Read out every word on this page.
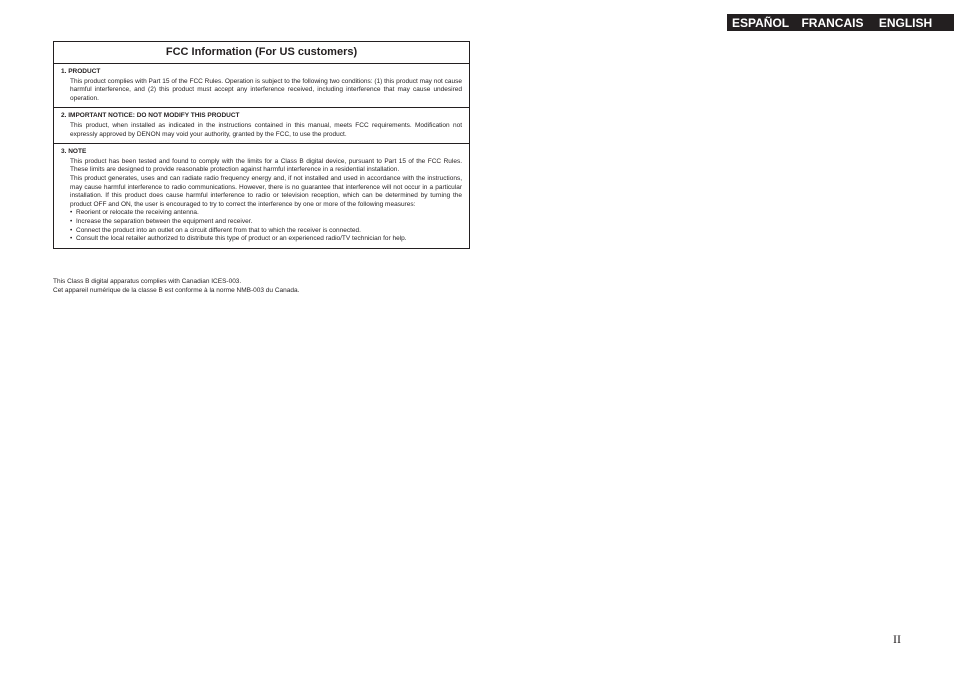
ESPAÑOL FRANCAIS ENGLISH
FCC Information (For US customers)
1. PRODUCT
This product complies with Part 15 of the FCC Rules. Operation is subject to the following two conditions: (1) this product may not cause harmful interference, and (2) this product must accept any interference received, including interference that may cause undesired operation.
2. IMPORTANT NOTICE: DO NOT MODIFY THIS PRODUCT
This product, when installed as indicated in the instructions contained in this manual, meets FCC requirements. Modification not expressly approved by DENON may void your authority, granted by the FCC, to use the product.
3. NOTE
This product has been tested and found to comply with the limits for a Class B digital device, pursuant to Part 15 of the FCC Rules. These limits are designed to provide reasonable protection against harmful interference in a residential installation.
This product generates, uses and can radiate radio frequency energy and, if not installed and used in accordance with the instructions, may cause harmful interference to radio communications. However, there is no guarantee that interference will not occur in a particular installation. If this product does cause harmful interference to radio or television reception, which can be determined by turning the product OFF and ON, the user is encouraged to try to correct the interference by one or more of the following measures:
• Reorient or relocate the receiving antenna.
• Increase the separation between the equipment and receiver.
• Connect the product into an outlet on a circuit different from that to which the receiver is connected.
• Consult the local retailer authorized to distribute this type of product or an experienced radio/TV technician for help.
This Class B digital apparatus complies with Canadian ICES-003.
Cet appareil numérique de la classe B est conforme à la norme NMB-003 du Canada.
II
